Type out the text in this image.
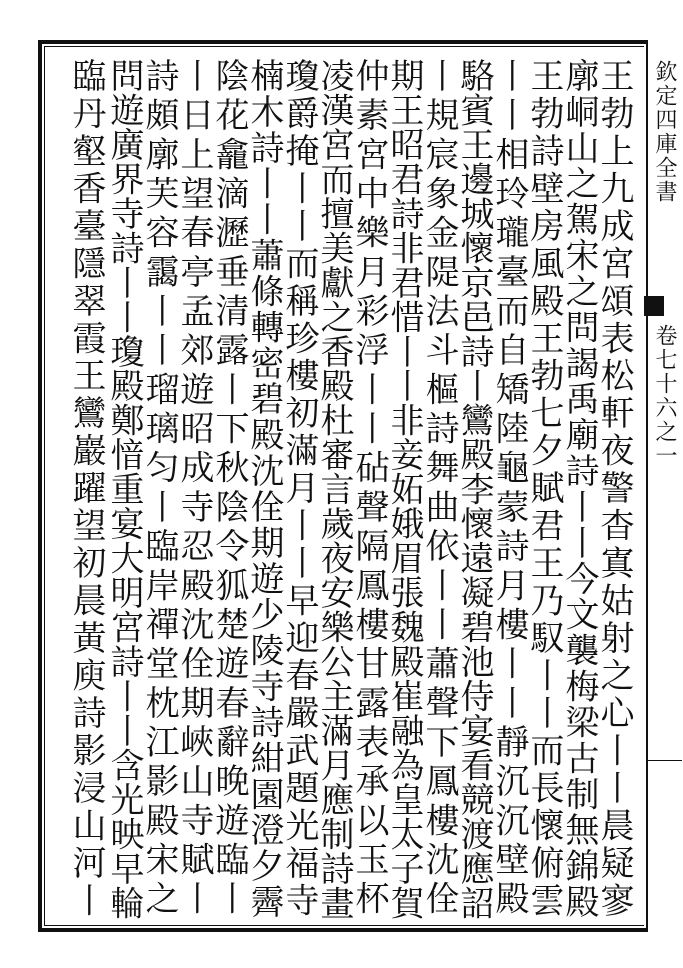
欽定四庫全書卷七十六之一
王勃上九成宮頌表松軒夜警杳寘姑射之心丨丨晨疑寥
廓峒山之駕宋之問謁禹廟詩丨丨今文襲梅梁古制無錦殿
王勃詩壁房風殿王勃七夕賦君王乃馭丨丨而長懷俯雲
丨丨相玲瓏臺而自矯陸龜蒙詩月樓丨丨靜沉沉壁殿
駱賓王邊城懷京邑詩丨鸞殿李懷遠凝碧池侍宴看競渡應詔
丨規宸象金隄法斗樞詩舞曲依丨丨蕭聲下鳳樓沈佺
期王昭君詩非君惜丨丨非妾妬娥眉張魏殿崔融為皇太子賀
仲素宮中樂月彩浮丨丨砧聲隔鳳樓甘露表承以玉杯
凌漢宮而擅美獻之香殿杜審言歲夜安樂公主滿月應制詩畫
瓊爵掩丨丨而稱珍樓初滿月丨丨早迎春嚴武題光福寺
楠木詩丨丨蕭條轉密碧殿沈佺期遊少陵寺詩紺園澄夕霽
陰花龕滴瀝垂清露丨下秋陰令狐楚遊春辭晚遊臨丨
丨日上望春亭孟郊遊昭成寺忍殿沈佺期峽山寺賦丨
詩頗廓芙容靄丨丨瑠璃匀丨臨岸禪堂枕江影殿宋之
問遊廣界寺詩丨丨瓊殿鄭愔重宴大明宮詩丨丨含光映早輪
臨丹壑香臺隱翠霞王鸞巖躍望初晨黃庾詩影浸山河丨
